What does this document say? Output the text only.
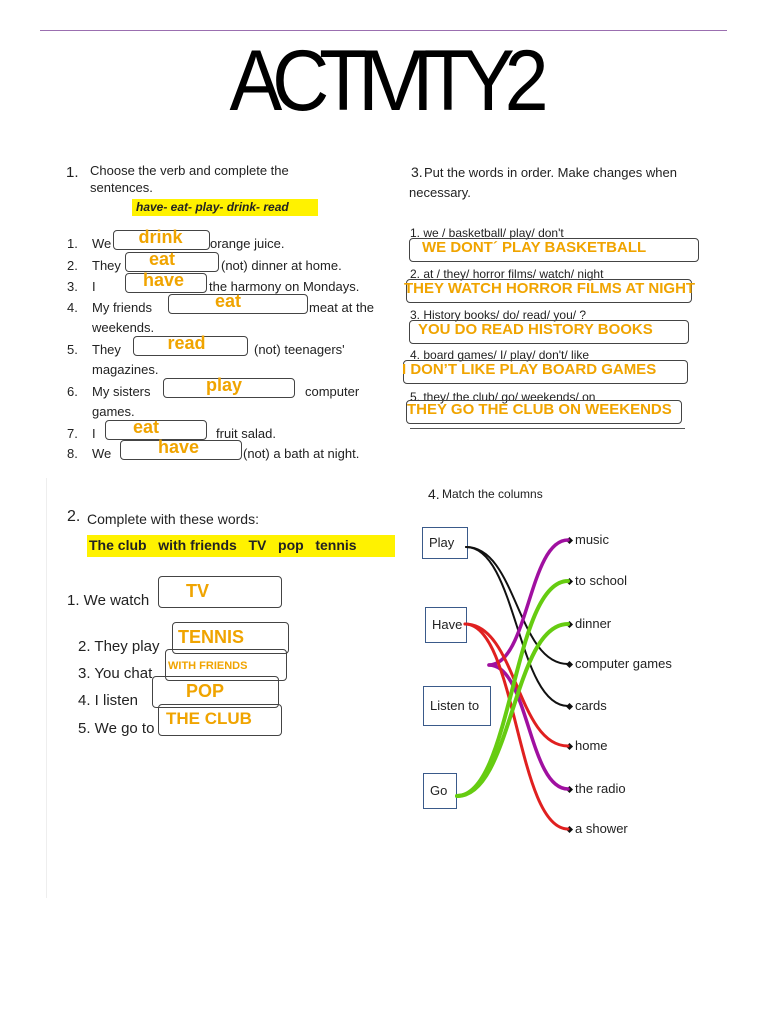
ACTIVITY2
1. Choose the verb and complete the
sentences.
have- eat- play- drink- read
1. We drink orange juice.
2. They eat	(not) dinner at home.
3. I	have the harmony on Mondays.
4. My friends	eat	meat at the
weekends.
5. They	read	(not) teenagers'
magazines.
6. My sisters	play	computer
games.
7. I eat	fruit salad.
8. We	have	(not) a bath at night.
3. Put the words in order. Make changes when
necessary.
1. we / basketball/ play/ don't
WE DONT´ PLAY BASKETBALL
2. at / they/ horror films/ watch/ night
THEY WATCH HORROR FILMS AT NIGHT
3. History books/ do/ read/ you/ ?
YOU DO READ HISTORY BOOKS
4. board games/ I/ play/ don't/ like
I DON’T LIKE PLAY BOARD GAMES
5. they/ the club/ go/ weekends/ on
THEY GO THE CLUB ON WEEKENDS
2. Complete with these words:
The club   with friends   TV   pop   tennis
1. We watch TV
2. They play TENNIS
3. You chat WITH FRIENDS
4. I listen	POP
5. We go to
THE CLUB
4. Match the columns
Play
Have
Listen to
Go
music
to school
dinner
computer games
cards
home
the radio
a shower
